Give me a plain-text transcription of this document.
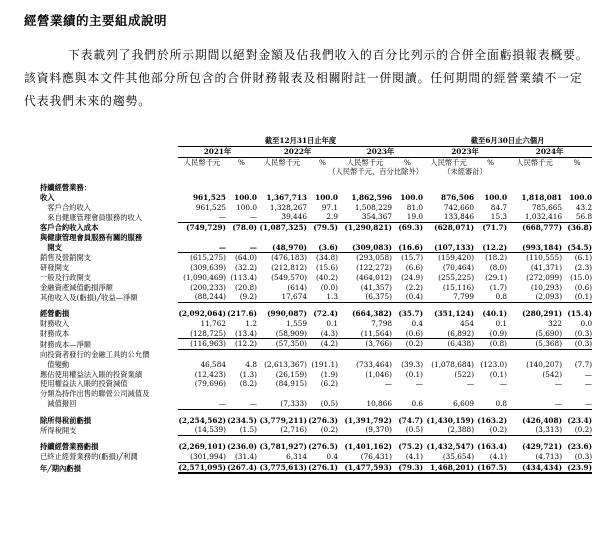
經營業績的主要組成說明
下表載列了我們於所示期間以絕對金額及佔我們收入的百分比列示的合併全面虧損報表概要。該資料應與本文件其他部分所包含的合併財務報表及相關附註一併閱讀。任何期間的經營業績不一定代表我們未來的趨勢。
	截至12月31日止年度						截至6月30日止六個月			
	2021年		2022年		2023年		2023年		2024年	
	人民幣千元	%	人民幣千元	%	人民幣千元	%	人民幣千元	%	人民幣千元	%
	（人民幣千元，百分比除外）						（未經審計）			

持續經營業務：										
收入	961,525	100.0	1,367,713	100.0	1,862,596	100.0	876,506	100.0	1,818,081	100.0
　客戶合約收入	961,525	100.0	1,328,267	97.1	1,508,229	81.0	742,660	84.7	785,665	43.2
　來自健康管理會員服務的收入	—	—	39,446	2.9	354,367	19.0	133,846	15.3	1,032,416	56.8
客戶合約收入成本	(749,729)	(78.0)	(1,087,325)	(79.5)	(1,290,821)	(69.3)	(628,071)	(71.7)	(668,777)	(36.8)
與健康管理會員服務有關的服務										
　開支	—	—	(48,970)	(3.6)	(309,083)	(16.6)	(107,133)	(12.2)	(993,184)	(54.5)
銷售及營銷開支	(615,275)	(64.0)	(476,183)	(34.8)	(293,058)	(15.7)	(159,420)	(18.2)	(110,555)	(6.1)
研發開支	(309,639)	(32.2)	(212,812)	(15.6)	(122,272)	(6.6)	(70,464)	(8.0)	(41,371)	(2.3)
一般及行政開支	(1,090,469)	(113.4)	(549,570)	(40.2)	(464,012)	(24.9)	(255,225)	(29.1)	(272,099)	(15.0)
金融資產減值虧損淨額	(200,233)	(20.8)	(614)	(0.0)	(41,357)	(2.2)	(15,116)	(1.7)	(10,293)	(0.6)
其他收入及(虧損)╱收益—淨額	(88,244)	(9.2)	17,674	1.3	(6,375)	(0.4)	7,799	0.8	(2,093)	(0.1)

經營虧損	(2,092,064)	(217.6)	(990,087)	(72.4)	(664,382)	(35.7)	(351,124)	(40.1)	(280,291)	(15.4)
財務收入	11,762	1.2	1,559	0.1	7,798	0.4	454	0.1	322	0.0
財務成本	(128,725)	(13.4)	(58,909)	(4.3)	(11,564)	(0.6)	(6,892)	(0.9)	(5,690)	(0.3)
財務成本—淨額	(116,963)	(12.2)	(57,350)	(4.2)	(3,766)	(0.2)	(6,438)	(0.8)	(5,368)	(0.3)
向投資者發行的金融工具的公允價										
　值變動	46,584	4.8	(2,613,367)	(191.1)	(733,464)	(39.3)	(1,078,684)	(123.0)	(140,207)	(7.7)
應佔使用權益法入賬的投資業績	(12,423)	(1.3)	(26,159)	(1.9)	(1,046)	(0.1)	(522)	(0.1)	(542)	—
使用權益法入賬的投資減值	(79,696)	(8.2)	(84,915)	(6.2)	—	—	—	—	—	—
分類為持作出售的聯營公司減值及										
　減值撥回	—	—	(7,333)	(0.5)	10,866	0.6	6,609	0.8	—	—

除所得稅前虧損	(2,254,562)	(234.5)	(3,779,211)	(276.3)	(1,391,792)	(74.7)	(1,430,159)	(163.2)	(426,408)	(23.4)
所得稅開支	(14,539)	(1.5)	(2,716)	(0.2)	(9,370)	(0.5)	(2,388)	(0.2)	(3,313)	(0.2)

持續經營業務虧損	(2,269,101)	(236.0)	(3,781,927)	(276.5)	(1,401,162)	(75.2)	(1,432,547)	(163.4)	(429,721)	(23.6)
已終止經營業務的(虧損)╱利潤	(301,994)	(31.4)	6,314	0.4	(76,431)	(4.1)	(35,654)	(4.1)	(4,713)	(0.3)
年╱期內虧損	(2,571,095)	(267.4)	(3,775,613)	(276.1)	(1,477,593)	(79.3)	1,468,201)	(167.5)	(434,434)	(23.9)
